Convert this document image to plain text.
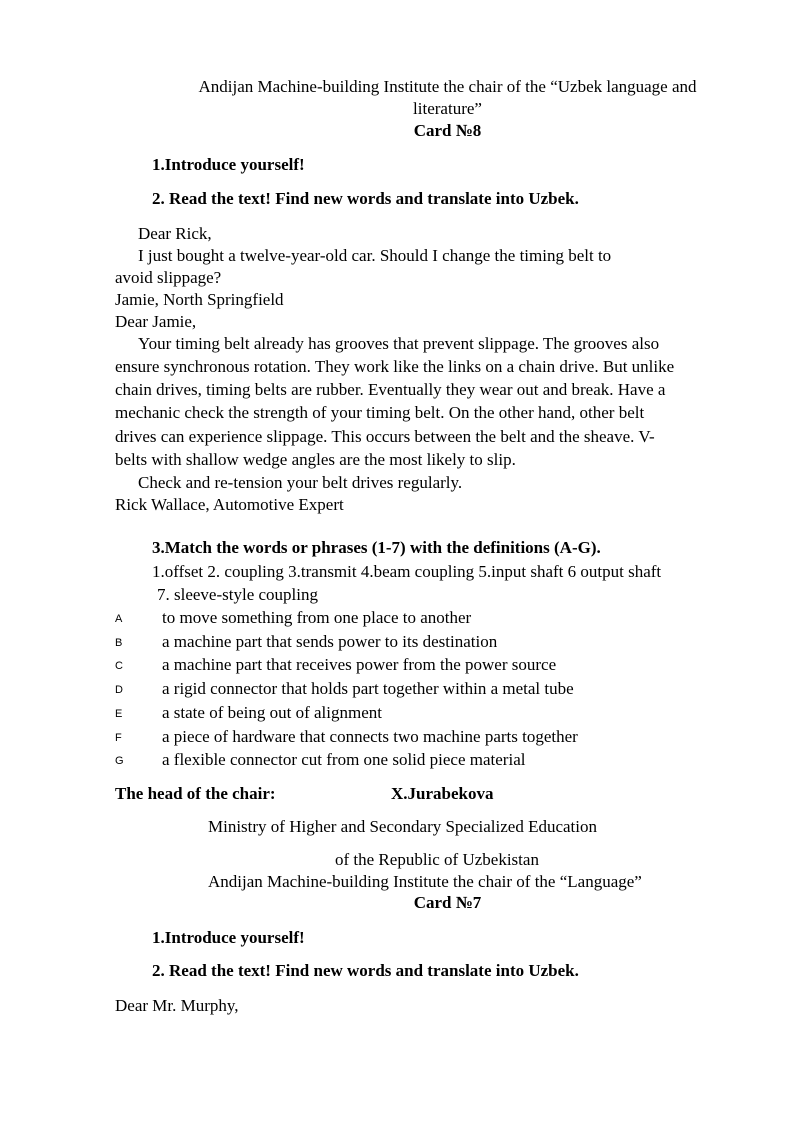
Andijan Machine-building Institute the chair of the “Uzbek language and
literature”
Card №8
1.Introduce yourself!
2. Read the text! Find new words and translate into Uzbek.
Dear Rick,
I just bought a twelve-year-old car. Should I change the timing belt to
avoid slippage?
Jamie, North Springfield
Dear Jamie,
Your timing belt already has grooves that prevent slippage. The grooves also
ensure synchronous rotation. They work like the links on a chain drive. But unlike
chain drives, timing belts are rubber. Eventually they wear out and break. Have a
mechanic check the strength of your timing belt. On the other hand, other belt
drives can experience slippage. This occurs between the belt and the sheave. V-
belts with shallow wedge angles are the most likely to slip.
Check and re-tension your belt drives regularly.
Rick Wallace, Automotive Expert
3.Match the words or phrases (1-7) with the definitions (A-G).
1.offset 2. coupling 3.transmit 4.beam coupling 5.input shaft 6 output shaft
7. sleeve-style coupling
A to move something from one place to another
B a machine part that sends power to its destination
C a machine part that receives power from the power source
D a rigid connector that holds part together within a metal tube
E a state of being out of alignment
F a piece of hardware that connects two machine parts together
G a flexible connector cut from one solid piece material
The head of the chair:	X.Jurabekova
Ministry of Higher and Secondary Specialized Education
of the Republic of Uzbekistan
Andijan Machine-building Institute the chair of the “Language”
Card №7
1.Introduce yourself!
2. Read the text! Find new words and translate into Uzbek.
Dear Mr. Murphy,
